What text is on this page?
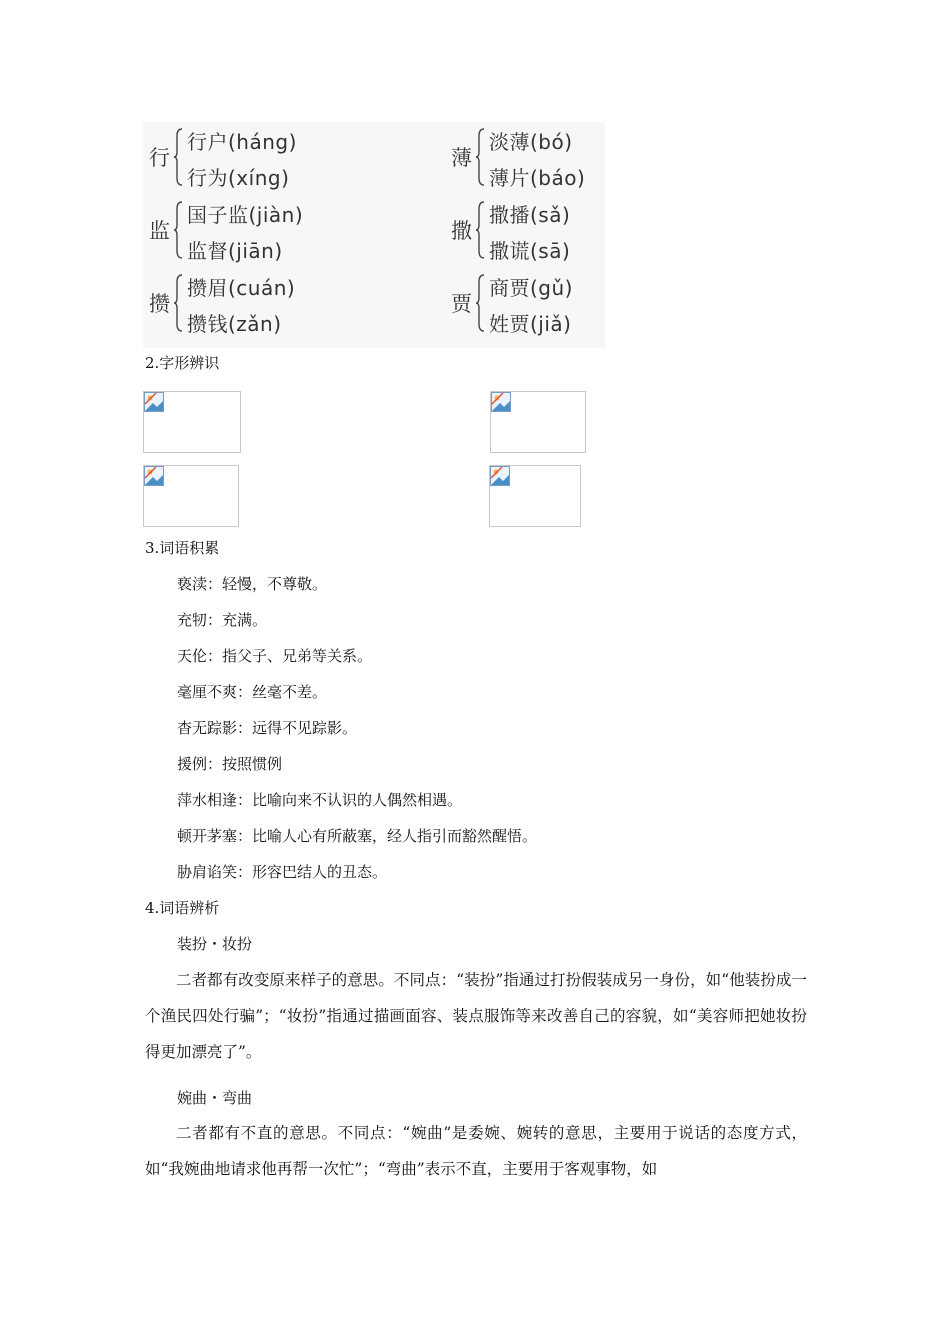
行
行户(háng)
行为(xíng)
薄
淡薄(bó)
薄片(báo)
监
国子监(jiàn)
监督(jiān)
撒
撒播(sǎ)
撒谎(sā)
攒
攒眉(cuán)
攒钱(zǎn)
贾
商贾(gǔ)
姓贾(jiǎ)
2.字形辨识
3.词语积累
亵渎：轻慢，不尊敬。
充牣：充满。
天伦：指父子、兄弟等关系。
毫厘不爽：丝毫不差。
杳无踪影：远得不见踪影。
援例：按照惯例
萍水相逢：比喻向来不认识的人偶然相遇。
顿开茅塞：比喻人心有所蔽塞，经人指引而豁然醒悟。
胁肩谄笑：形容巴结人的丑态。
4.词语辨析
装扮・妆扮
二者都有改变原来样子的意思。不同点：“装扮”指通过打扮假装成另一身份，如“他装扮成一个渔民四处行骗”；“妆扮”指通过描画面容、装点服饰等来改善自己的容貌，如“美容师把她妆扮得更加漂亮了”。
婉曲・弯曲
二者都有不直的意思。不同点：“婉曲”是委婉、婉转的意思，主要用于说话的态度方式，如“我婉曲地请求他再帮一次忙”；“弯曲”表示不直，主要用于客观事物，如
